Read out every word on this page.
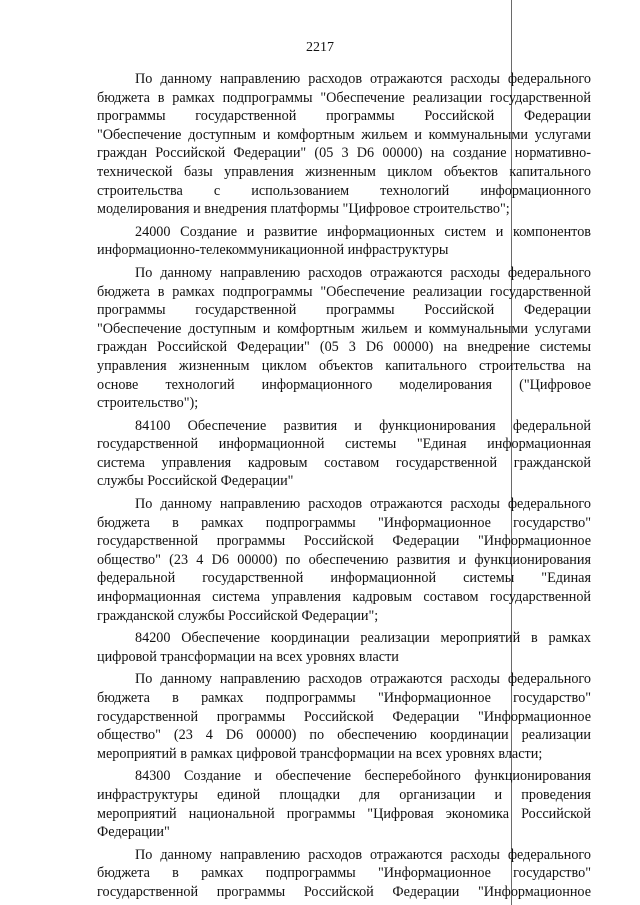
2217
По данному направлению расходов отражаются расходы федерального
бюджета в рамках подпрограммы "Обеспечение реализации государственной
программы государственной программы Российской Федерации
"Обеспечение доступным и комфортным жильем и коммунальными услугами
граждан Российской Федерации" (05 3 D6 00000) на создание нормативно-
технической базы управления жизненным циклом объектов капитального
строительства с использованием технологий информационного
моделирования и внедрения платформы "Цифровое строительство";
24000 Создание и развитие информационных систем и компонентов
информационно-телекоммуникационной инфраструктуры
По данному направлению расходов отражаются расходы федерального
бюджета в рамках подпрограммы "Обеспечение реализации государственной
программы государственной программы Российской Федерации
"Обеспечение доступным и комфортным жильем и коммунальными услугами
граждан Российской Федерации" (05 3 D6 00000) на внедрение системы
управления жизненным циклом объектов капитального строительства на
основе технологий информационного моделирования ("Цифровое
строительство");
84100 Обеспечение развития и функционирования федеральной
государственной информационной системы "Единая информационная
система управления кадровым составом государственной гражданской
службы Российской Федерации"
По данному направлению расходов отражаются расходы федерального
бюджета в рамках подпрограммы "Информационное государство"
государственной программы Российской Федерации "Информационное
общество" (23 4 D6 00000) по обеспечению развития и функционирования
федеральной государственной информационной системы "Единая
информационная система управления кадровым составом государственной
гражданской службы Российской Федерации";
84200 Обеспечение координации реализации мероприятий в рамках
цифровой трансформации на всех уровнях власти
По данному направлению расходов отражаются расходы федерального
бюджета в рамках подпрограммы "Информационное государство"
государственной программы Российской Федерации "Информационное
общество" (23 4 D6 00000) по обеспечению координации реализации
мероприятий в рамках цифровой трансформации на всех уровнях власти;
84300 Создание и обеспечение бесперебойного функционирования
инфраструктуры единой площадки для организации и проведения
мероприятий национальной программы "Цифровая экономика Российской
Федерации"
По данному направлению расходов отражаются расходы федерального
бюджета в рамках подпрограммы "Информационное государство"
государственной программы Российской Федерации "Информационное
